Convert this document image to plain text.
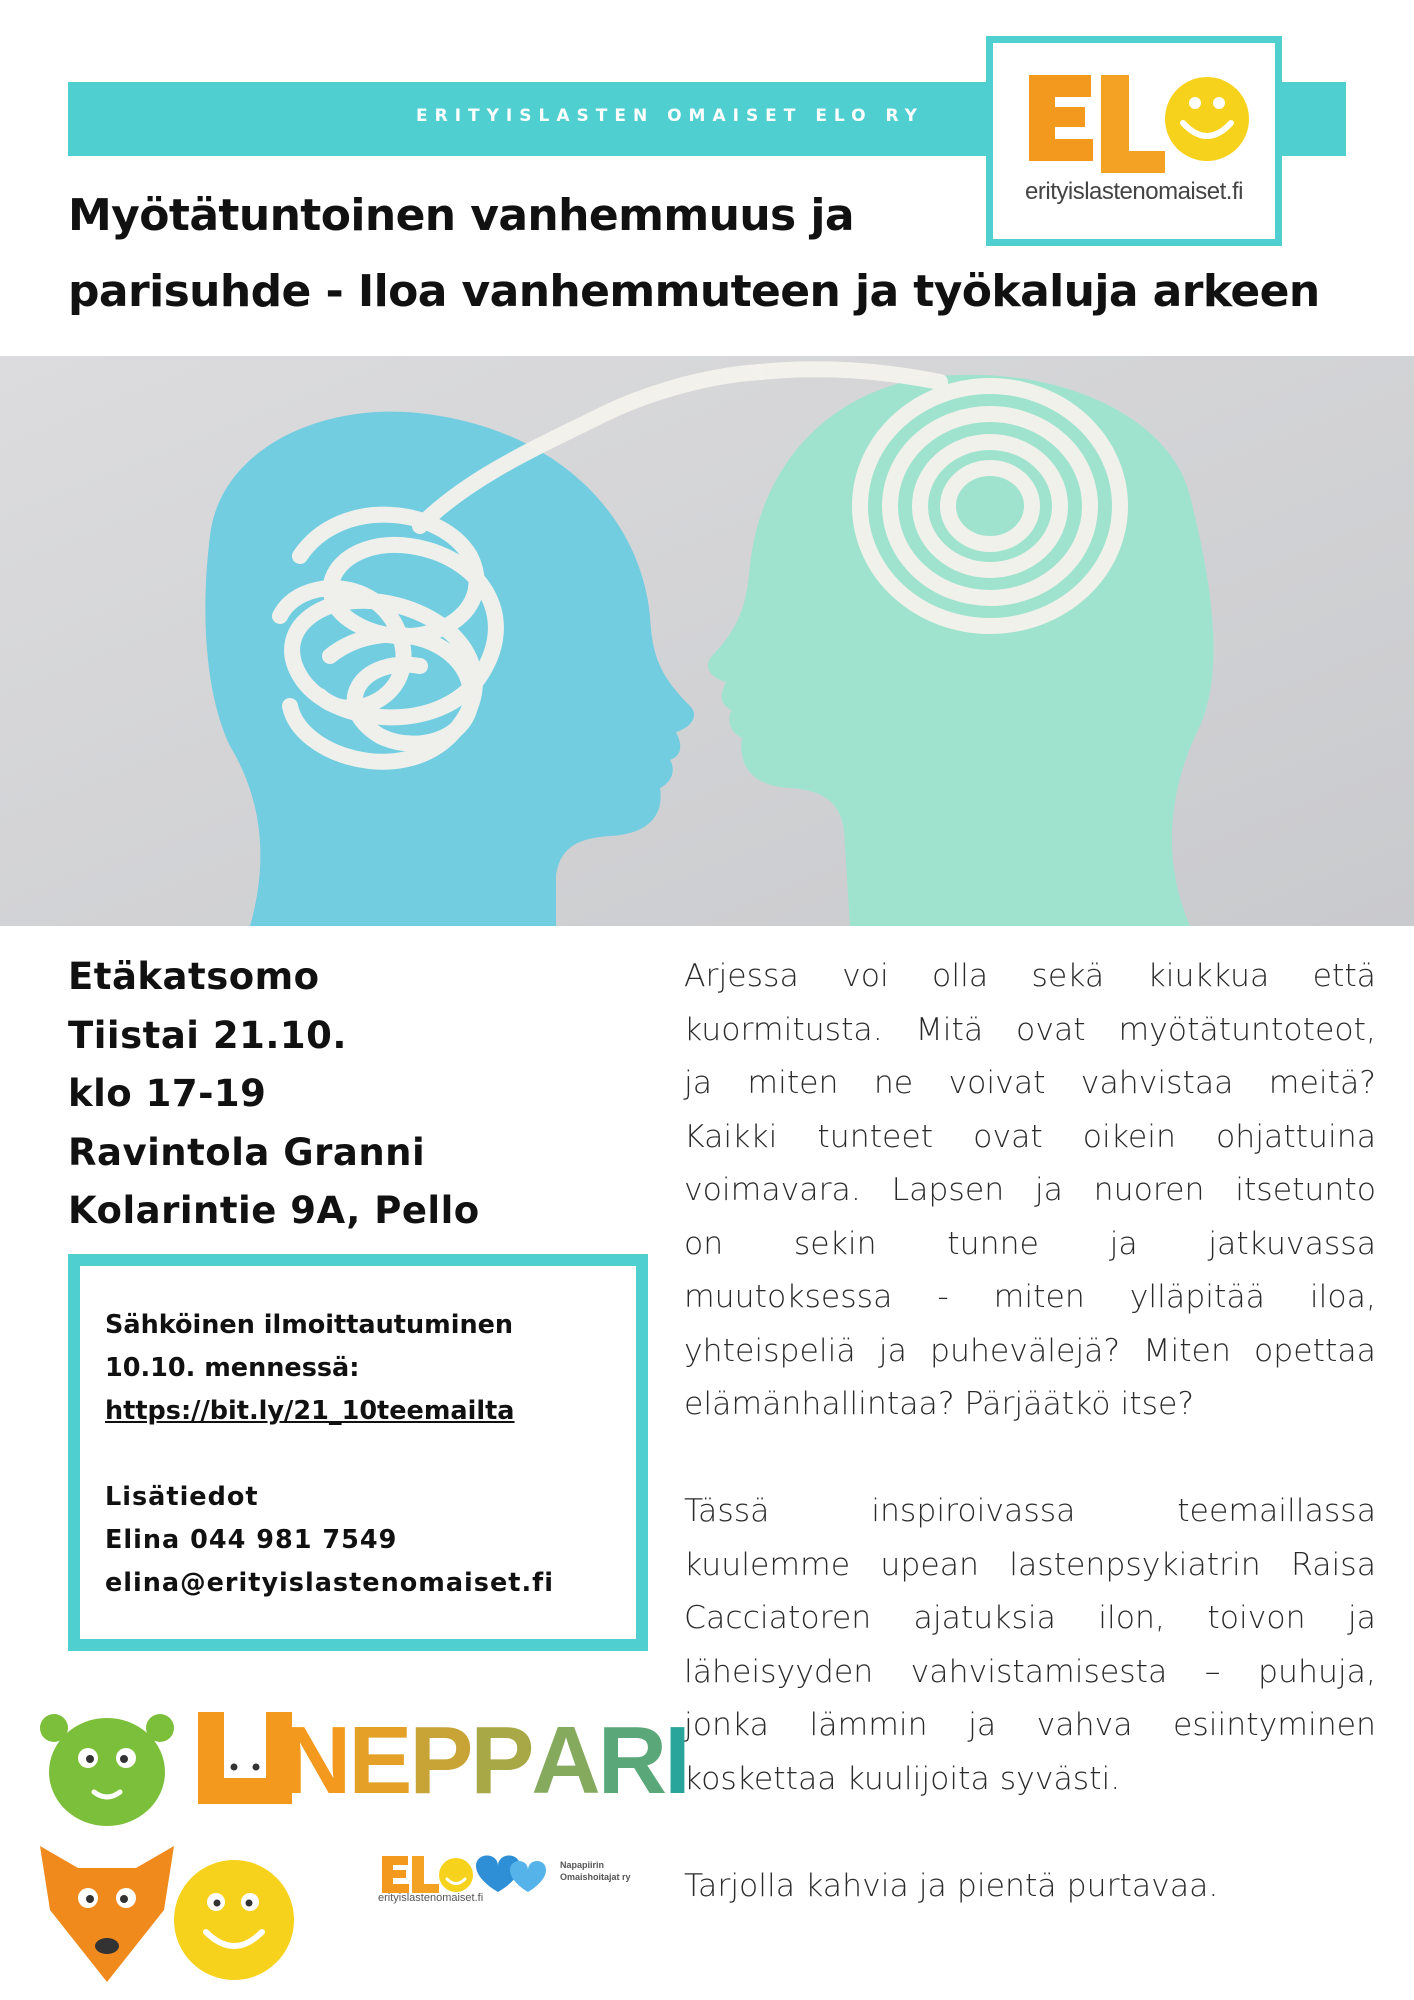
ERITYISLASTEN OMAISET ELO RY
erityislastenomaiset.fi
Myötätuntoinen vanhemmuus ja
parisuhde - Iloa vanhemmuteen ja työkaluja arkeen
Etäkatsomo
Tiistai 21.10.
klo 17-19
Ravintola Granni
Kolarintie 9A, Pello
Sähköinen ilmoittautuminen
10.10. mennessä:
https://bit.ly/21_10teemailta
Lisätiedot
Elina 044 981 7549
elina@erityislastenomaiset.fi

Arjessa voi olla sekä kiukkua että
kuormitusta. Mitä ovat myötätuntoteot,
ja miten ne voivat vahvistaa meitä?
Kaikki tunteet ovat oikein ohjattuina
voimavara. Lapsen ja nuoren itsetunto
on sekin tunne ja jatkuvassa
muutoksessa - miten ylläpitää iloa,
yhteispeliä ja puhevälejä? Miten opettaa
elämänhallintaa? Pärjäätkö itse?

Tässä inspiroivassa teemaillassa
kuulemme upean lastenpsykiatrin Raisa
Cacciatoren ajatuksia ilon, toivon ja
läheisyyden vahvistamisesta – puhuja,
jonka lämmin ja vahva esiintyminen
koskettaa kuulijoita syvästi.

Tarjolla kahvia ja pientä purtavaa.

NEPPARI
erityislastenomaiset.fi
Napapiirin
Omaishoitajat ry
